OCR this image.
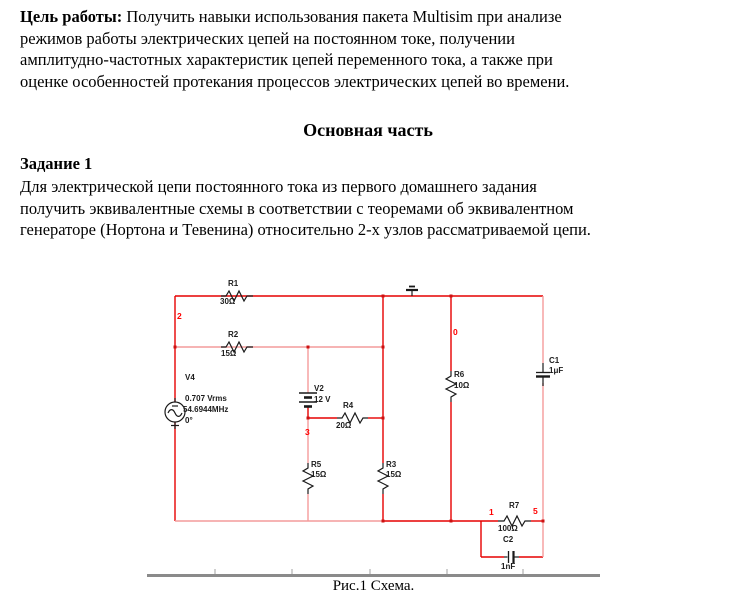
Цель работы: Получить навыки использования пакета Multisim при анализе
режимов работы электрических цепей на постоянном токе, получении
амплитудно-частотных характеристик цепей переменного тока, а также при
оценке особенностей протекания процессов электрических цепей во времени.
Основная часть
Задание 1
Для электрической цепи постоянного тока из первого домашнего задания
получить эквивалентные схемы в соответствии с теоремами об эквивалентном
генераторе (Нортона и Тевенина) относительно 2-х узлов рассматриваемой цепи.
R1
30Ω
R2
15Ω
V4
0.707 Vrms
54.6944MHz
0°
V2
12 V
R4
20Ω
R5
15Ω
R3
15Ω
R6
10Ω
C1
1μF
R7
100Ω
C2
1nF
2
0
3
1	5
Рис.1 Схема.
